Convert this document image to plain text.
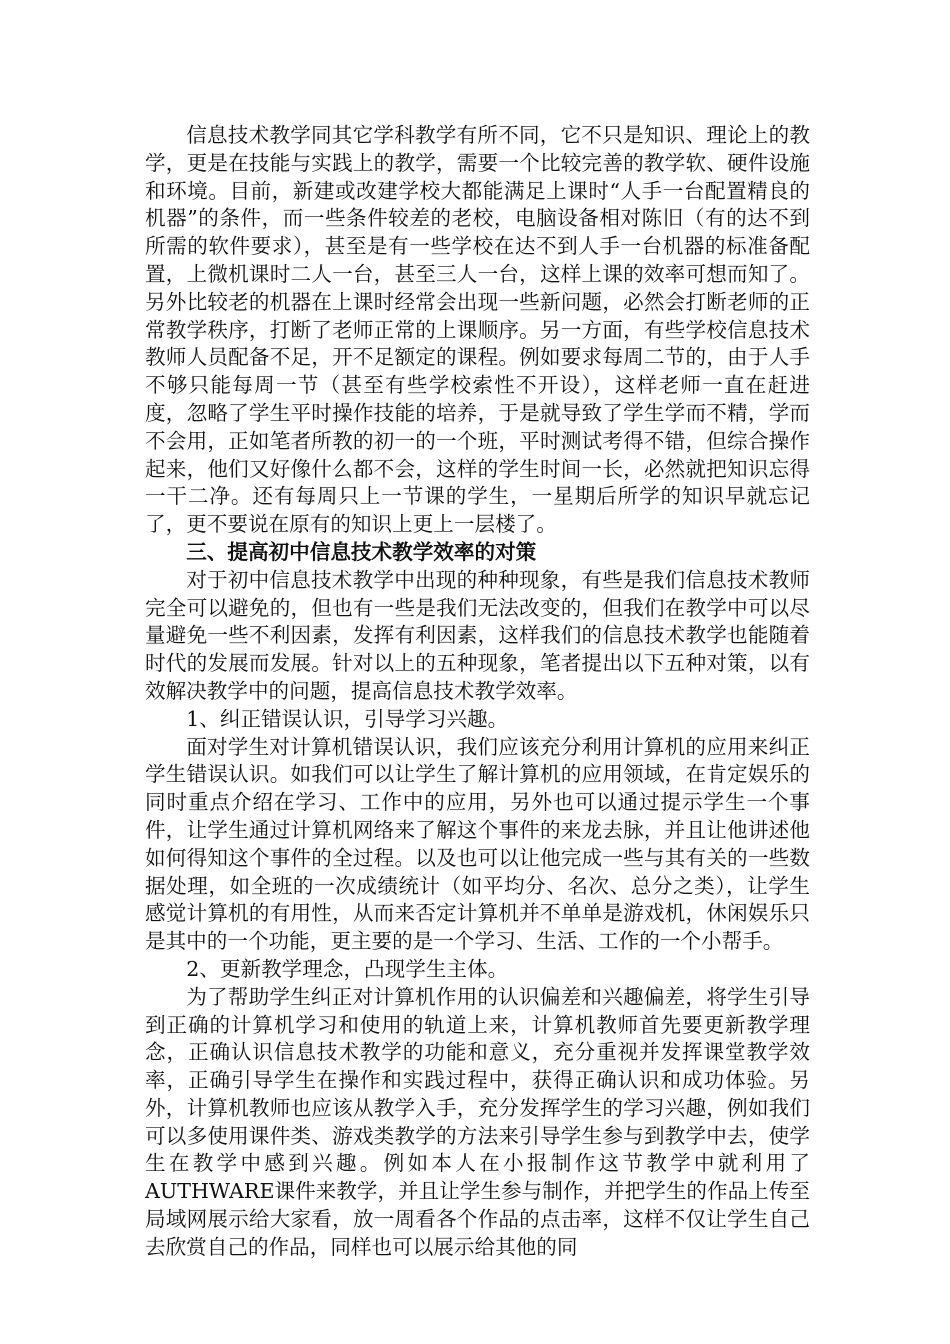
信息技术教学同其它学科教学有所不同，它不只是知识、理论上的教学，更是在技能与实践上的教学，需要一个比较完善的教学软、硬件设施和环境。目前，新建或改建学校大都能满足上课时“人手一台配置精良的机器”的条件，而一些条件较差的老校，电脑设备相对陈旧（有的达不到所需的软件要求），甚至是有一些学校在达不到人手一台机器的标准备配置，上微机课时二人一台，甚至三人一台，这样上课的效率可想而知了。另外比较老的机器在上课时经常会出现一些新问题，必然会打断老师的正常教学秩序，打断了老师正常的上课顺序。另一方面，有些学校信息技术教师人员配备不足，开不足额定的课程。例如要求每周二节的，由于人手不够只能每周一节（甚至有些学校索性不开设），这样老师一直在赶进度，忽略了学生平时操作技能的培养，于是就导致了学生学而不精，学而不会用，正如笔者所教的初一的一个班，平时测试考得不错，但综合操作起来，他们又好像什么都不会，这样的学生时间一长，必然就把知识忘得一干二净。还有每周只上一节课的学生，一星期后所学的知识早就忘记了，更不要说在原有的知识上更上一层楼了。

三、提高初中信息技术教学效率的对策

对于初中信息技术教学中出现的种种现象，有些是我们信息技术教师完全可以避免的，但也有一些是我们无法改变的，但我们在教学中可以尽量避免一些不利因素，发挥有利因素，这样我们的信息技术教学也能随着时代的发展而发展。针对以上的五种现象，笔者提出以下五种对策，以有效解决教学中的问题，提高信息技术教学效率。

1、纠正错误认识，引导学习兴趣。

面对学生对计算机错误认识，我们应该充分利用计算机的应用来纠正学生错误认识。如我们可以让学生了解计算机的应用领域，在肯定娱乐的同时重点介绍在学习、工作中的应用，另外也可以通过提示学生一个事件，让学生通过计算机网络来了解这个事件的来龙去脉，并且让他讲述他如何得知这个事件的全过程。以及也可以让他完成一些与其有关的一些数据处理，如全班的一次成绩统计（如平均分、名次、总分之类），让学生感觉计算机的有用性，从而来否定计算机并不单单是游戏机，休闲娱乐只是其中的一个功能，更主要的是一个学习、生活、工作的一个小帮手。

2、更新教学理念，凸现学生主体。

为了帮助学生纠正对计算机作用的认识偏差和兴趣偏差，将学生引导到正确的计算机学习和使用的轨道上来，计算机教师首先要更新教学理念，正确认识信息技术教学的功能和意义，充分重视并发挥课堂教学效率，正确引导学生在操作和实践过程中，获得正确认识和成功体验。另外，计算机教师也应该从教学入手，充分发挥学生的学习兴趣，例如我们可以多使用课件类、游戏类教学的方法来引导学生参与到教学中去，使学生在教学中感到兴趣。例如本人在小报制作这节教学中就利用了AUTHWARE课件来教学，并且让学生参与制作，并把学生的作品上传至局域网展示给大家看，放一周看各个作品的点击率，这样不仅让学生自己去欣赏自己的作品，同样也可以展示给其他的同
